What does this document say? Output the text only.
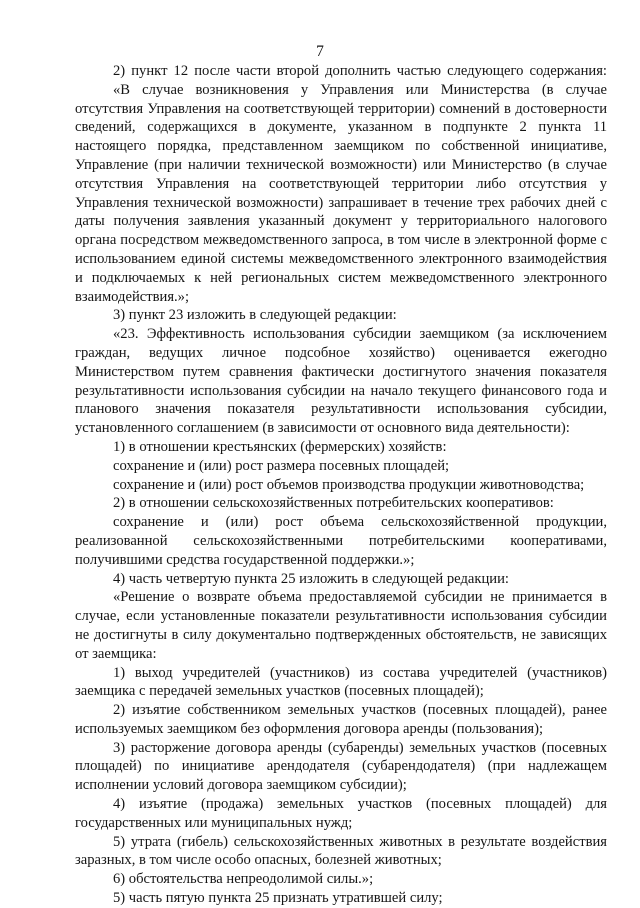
7

2) пункт 12 после части второй дополнить частью следующего содержания:

«В случае возникновения у Управления или Министерства (в случае отсутствия Управления на соответствующей территории) сомнений в достоверности сведений, содержащихся в документе, указанном в подпункте 2 пункта 11 настоящего порядка, представленном заемщиком по собственной инициативе, Управление (при наличии технической возможности) или Министерство (в случае отсутствия Управления на соответствующей территории либо отсутствия у Управления технической возможности) запрашивает в течение трех рабочих дней с даты получения заявления указанный документ у территориального налогового органа посредством межведомственного запроса, в том числе в электронной форме с использованием единой системы межведомственного электронного взаимодействия и подключаемых к ней региональных систем межведомственного электронного взаимодействия.»;

3) пункт 23 изложить в следующей редакции:

«23. Эффективность использования субсидии заемщиком (за исключением граждан, ведущих личное подсобное хозяйство) оценивается ежегодно Министерством путем сравнения фактически достигнутого значения показателя результативности использования субсидии на начало текущего финансового года и планового значения показателя результативности использования субсидии, установленного соглашением (в зависимости от основного вида деятельности):

1) в отношении крестьянских (фермерских) хозяйств:

сохранение и (или) рост размера посевных площадей;

сохранение и (или) рост объемов производства продукции животноводства;

2) в отношении сельскохозяйственных потребительских кооперативов:

сохранение и (или) рост объема сельскохозяйственной продукции, реализованной сельскохозяйственными потребительскими кооперативами, получившими средства государственной поддержки.»;

4) часть четвертую пункта 25 изложить в следующей редакции:

«Решение о возврате объема предоставляемой субсидии не принимается в случае, если установленные показатели результативности использования субсидии не достигнуты в силу документально подтвержденных обстоятельств, не зависящих от заемщика:

1) выход учредителей (участников) из состава учредителей (участников) заемщика с передачей земельных участков (посевных площадей);

2) изъятие собственником земельных участков (посевных площадей), ранее используемых заемщиком без оформления договора аренды (пользования);

3) расторжение договора аренды (субаренды) земельных участков (посевных площадей) по инициативе арендодателя (субарендодателя) (при надлежащем исполнении условий договора заемщиком субсидии);

4) изъятие (продажа) земельных участков (посевных площадей) для государственных или муниципальных нужд;

5) утрата (гибель) сельскохозяйственных животных в результате воздействия заразных, в том числе особо опасных, болезней животных;

6) обстоятельства непреодолимой силы.»;

5) часть пятую пункта 25 признать утратившей силу;
